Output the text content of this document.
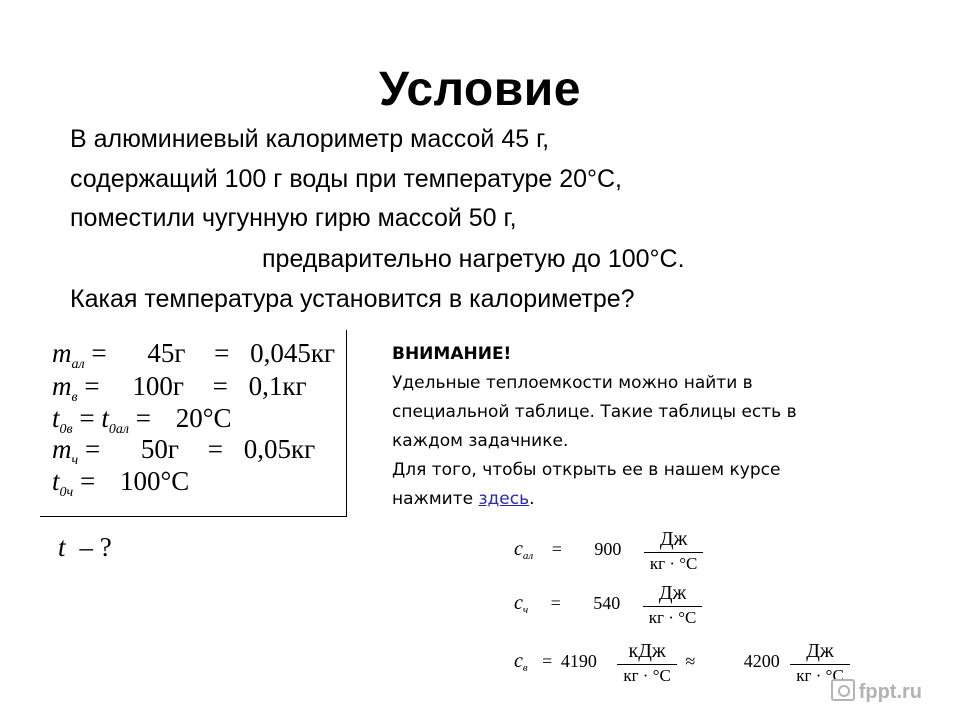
Условие
В алюминиевый калориметр массой 45 г,
содержащий 100 г воды при температуре 20°С,
поместили чугунную гирю массой 50 г,
предварительно нагретую до 100°С.
Какая температура установится в калориметре?
$m_{ал} = 45г = 0,045кг$
$m_в = 100г = 0,1кг$
$t_{0в} = t_{0ал} = 20^\circ C$
$m_ч = 50г = 0,05кг$
$t_{0ч} = 100^\circ C$
t – ?
ВНИМАНИЕ!
Удельные теплоемкости можно найти в
специальной таблице. Такие таблицы есть в
каждом задачнике.
Для того, чтобы открыть ее в нашем курсе
нажмите здесь.
$c_{ал} = 900 \frac{Дж}{кг \cdot ^\circ C}$
$c_ч = 540 \frac{Дж}{кг \cdot ^\circ C}$
$c_в = 4190 \frac{\text{кДж}}{кг \cdot ^\circ C}$ ≈	$4200 \frac{Дж}{кг \cdot ^\circ C}$
fppt.ru
